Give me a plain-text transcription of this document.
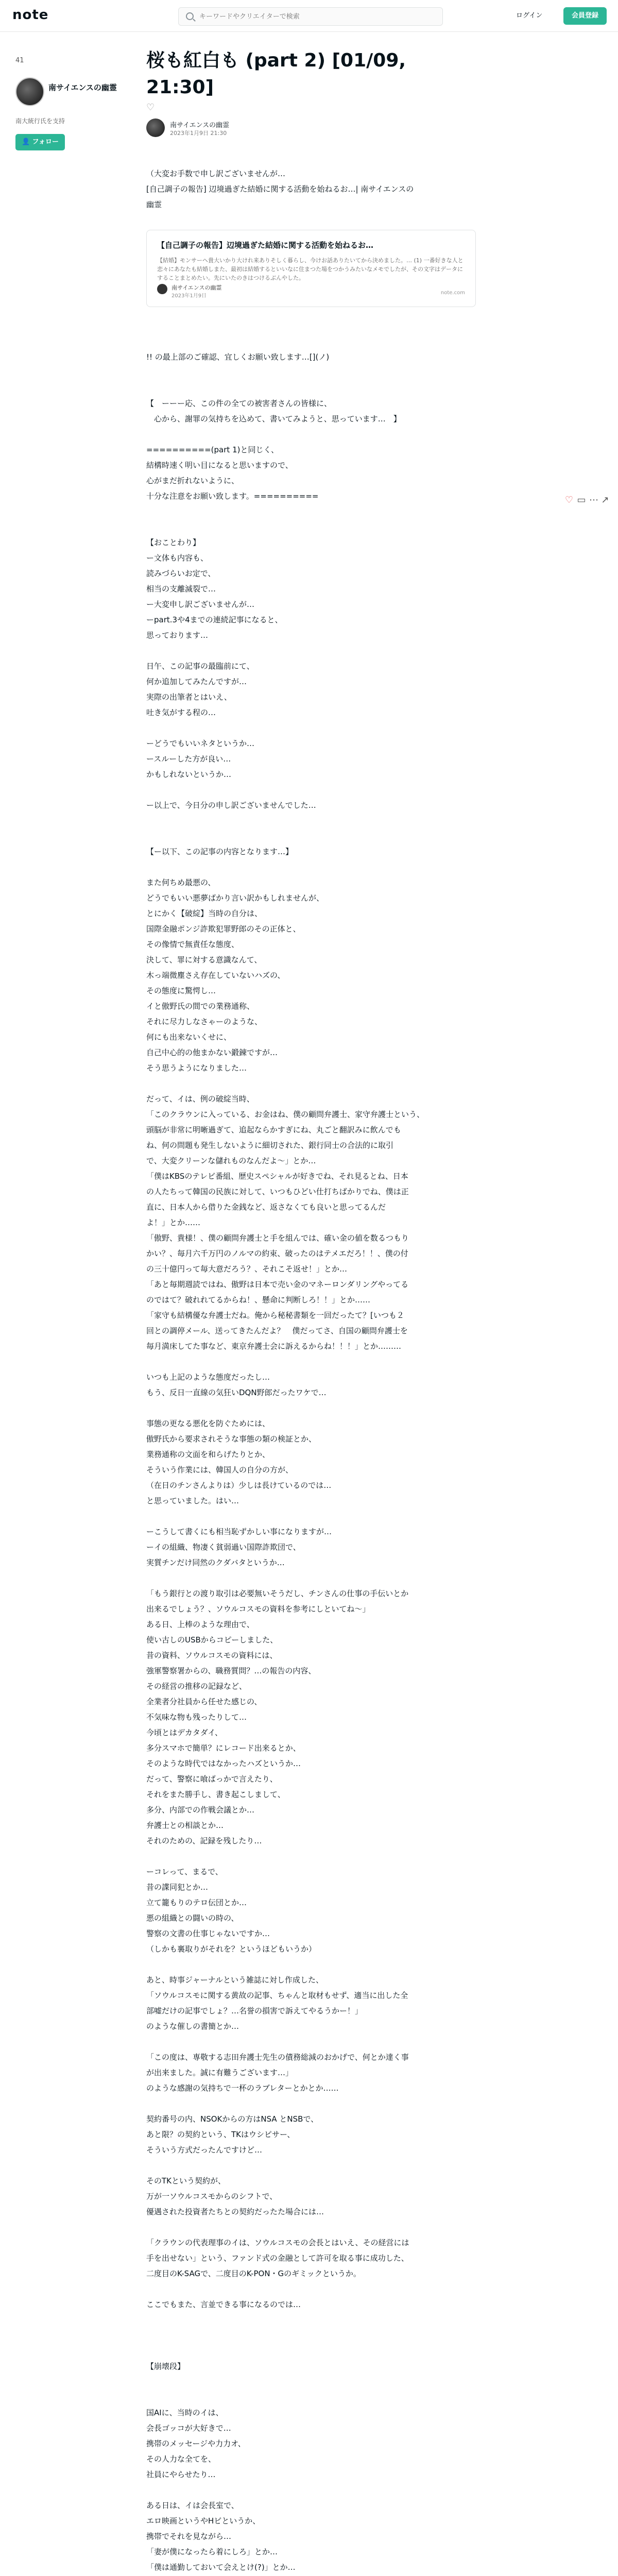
note
キーワードやクリエイターで検索	ログイン	会員登録
41
南サイエンスの幽霊
南大統行氏を支持
👤 フォロー
桜も紅白も (part 2) [01/09, 21:30]
♡
南サイエンスの幽霊
2023年1月9日 21:30
（大変お手数で申し訳ございませんが…
[自己調子の報告] 辺境過ぎた結婚に関する活動を始ねるお…| 南サイエンスの
幽霊
【自己調子の報告】辺境過ぎた結婚に関する活動を始ねるお…
【結婚】モンサーヘ貴大いかり大けれ来ありそしく暮らし、今けお話ありたいてから決めました。… (1) 一番好きな人と恋々にあなたも結婚しまた、最初は結婚するといいなに住まつた場をつかうみたいなメモでしたが、その文字はデータにすることまとめたい。先にいたのきはつけるぶんやした。
南サイエンスの幽霊
2023年1月9日
note.com
!! の最上部のご確認、宜しくお願い致します…[](ノ)
【　ーーー応、この件の全ての被害者さんの皆様に、
　心から、謝罪の気持ちを込めて、書いてみようと、思っています…　】
==========(part 1)と同じく、
結構時速く明い目になると思いますので、
心がまだ折れないように、
十分な注意をお願い致します。==========
【おことわり】
ー文体も内容も、
読みづらいお定で、
相当の支離滅裂で…
ー大変申し訳ございませんが…
ーpart.3や4までの連続記事になると、
思っております…
日午、この記事の最臨前にて、
何か追加してみたんですが…
実際の出筆者とはいえ、
吐き気がする程の…
ーどうでもいいネタというか…
ースルーした方が良い…
かもしれないというか…
ー以上で、今日分の申し訳ございませんでした…
【ー以下、この記事の内容となります…】
また何ちめ最悪の、
どうでもいい悪夢ばかり言い訳かもしれませんが、
とにかく【破綻】当時の自分は、
国際金融ポンジ詐欺犯罪野郎のその正体と、
その像情で無責任な態度、
決して、罪に対する意識なんて、
木っ端微塵さえ存在していないハズの、
その態度に驚愕し…
イと傲野氏の間での業務通称、
それに尽力しなさゃーのような、
何にも出来ないくせに、
自己中心的の他まかない鍛錬ですが…
そう思うようになりました…
だって、イは、例の破綻当時、
「このクラウンに入っている、お金はね、僕の顧問弁護士、家守弁護士という、
頭脳が非常に明晰過ぎて、追起ならかすぎにね、丸ごと翻訳みに飲んでも
ね、何の問題も発生しないように細切された、銀行同士の合法的に取引
で、大変クリーンな儲れものなんだよ〜」とか…
「僕はKBSのテレビ番組、歴史スペシャルが好きでね、それ見るとね、日本
の人たちって韓国の民族に対して、いつもひどい仕打ちばかりでね、僕は正
直に、日本人から借りた金銭など、返さなくても良いと思ってるんだ
よ！」とか……
「傲野、貴様！、僕の顧問弁護士と手を組んでは、確い金の値を数るつもり
かい？、毎月六千万円のノルマの約束、破ったのはテメエだろ！！、僕の付
の三十億円って毎大意だろう？、それこそ返せ！」とか…
「あと毎期週読ではね、傲野は日本で売い金のマネーロンダリングやってる
のではて？破れれてるからね！、懸命に判断しろ！！」とか……
「家守も結構優な弁護士だね。俺から秘秘書類を一回だったて？[いつも２
回との調停メール、送ってきたんだよ？　僕だってさ、自国の顧問弁護士を
毎月満床してた事など、東京弁護士会に訴えるからね！！！」とか………
いつも上記のような態度だったし…
もう、反日一直線の気狂いDQN野郎だったワケで…
事態の更なる悪化を防ぐためには、
傲野氏から要求されそうな事態の類の検証とか、
業務通称の文面を和らげたりとか、
そういう作業には、韓国人の自分の方が、
（在日のチンさんよりは）少しは長けているのでは…
と思っていました。はい…
ーこうして書くにも相当恥ずかしい事になりますが…
ーイの組織、物凄く貧弱過い国際詐欺団で、
実質チンだけ同然のクダバタというか…
「もう銀行との渡り取引は必要無いそうだし、チンさんの仕事の手伝いとか
出来るでしょう？、ソウルコスモの資料を参考にしといてね〜」
ある日、上棒のような理由で、
使い古しのUSBからコピーしました、
昔の資料、ソウルコスモの資料には、
強軍警察署からの、職務質問？…の報告の内容、
その経営の推移の記録など、
全業者分社員から任せた感じの、
不気味な物も残ったりして…
今頃とはデカタダイ、
多分スマホで簡単？にレコード出来るとか、
そのような時代ではなかったハズというか…
だって、警察に喰ばっかで言えたり、
それをまた勝手し、書き起こしまして、
多分、内部での作戦会議とか…
弁護士との相談とか…
それのための、記録を残したり…
ーコレって、まるで、
昔の諜同犯とか…
立て籠もりのテロ伝団とか…
悪の組織との闘いの時の、
警察の文書の仕事じゃないですか…
（しかも裏取りがそれを？というほどもいうか）
あと、時事ジャーナルという雑誌に対し作成した、
「ソウルコスモに関する黄故の記事、ちゃんと取材もせず、適当に出した全
部嘘だけの記事でしょ？…名誉の損害で訴えてやるうかー！」
のような催しの書簡とか…
「この度は、専敬する志田弁護士先生の債務総減のおかげで、何とか達く事
が出来ました。誠に有難うございます…」
のような感謝の気持ちで一杯のラブレターとかとか……
契約番号の内、NSOKからの方はNSA とNSBで、
あと限？の契約という、TKはウシピサー、
そういう方式だったんですけど…
そのTKという契約が、
万が一ソウルコスモからのシフトで、
優遇された投資者たちとの契約だったた場合には…
「クラウンの代表理事のイは、ソウルコスモの会長とはいえ、その経営には
手を出せない」という、ファンド式の金融として許可を取る事に成功した、
二度目のK-SAGで、二度目のK-PON・Gのギミックというか。
ここでもまた、言並できる事になるのでは…
【崩壊段】
国AIに、当時のイは、
会長ゴッコが大好きで…
携帯のメッセージや力力オ、
その人力な全てを、
社員にやらせたり…
ある日は、イは会長室で、
エロ映画というやHビというか、
携帯でそれを見ながら…
「妻が僕になったら着にしろ」とか…
「僕は通勤しておいて会えとけ(?)」とか…
♡ ▭ ⋯ ↗
